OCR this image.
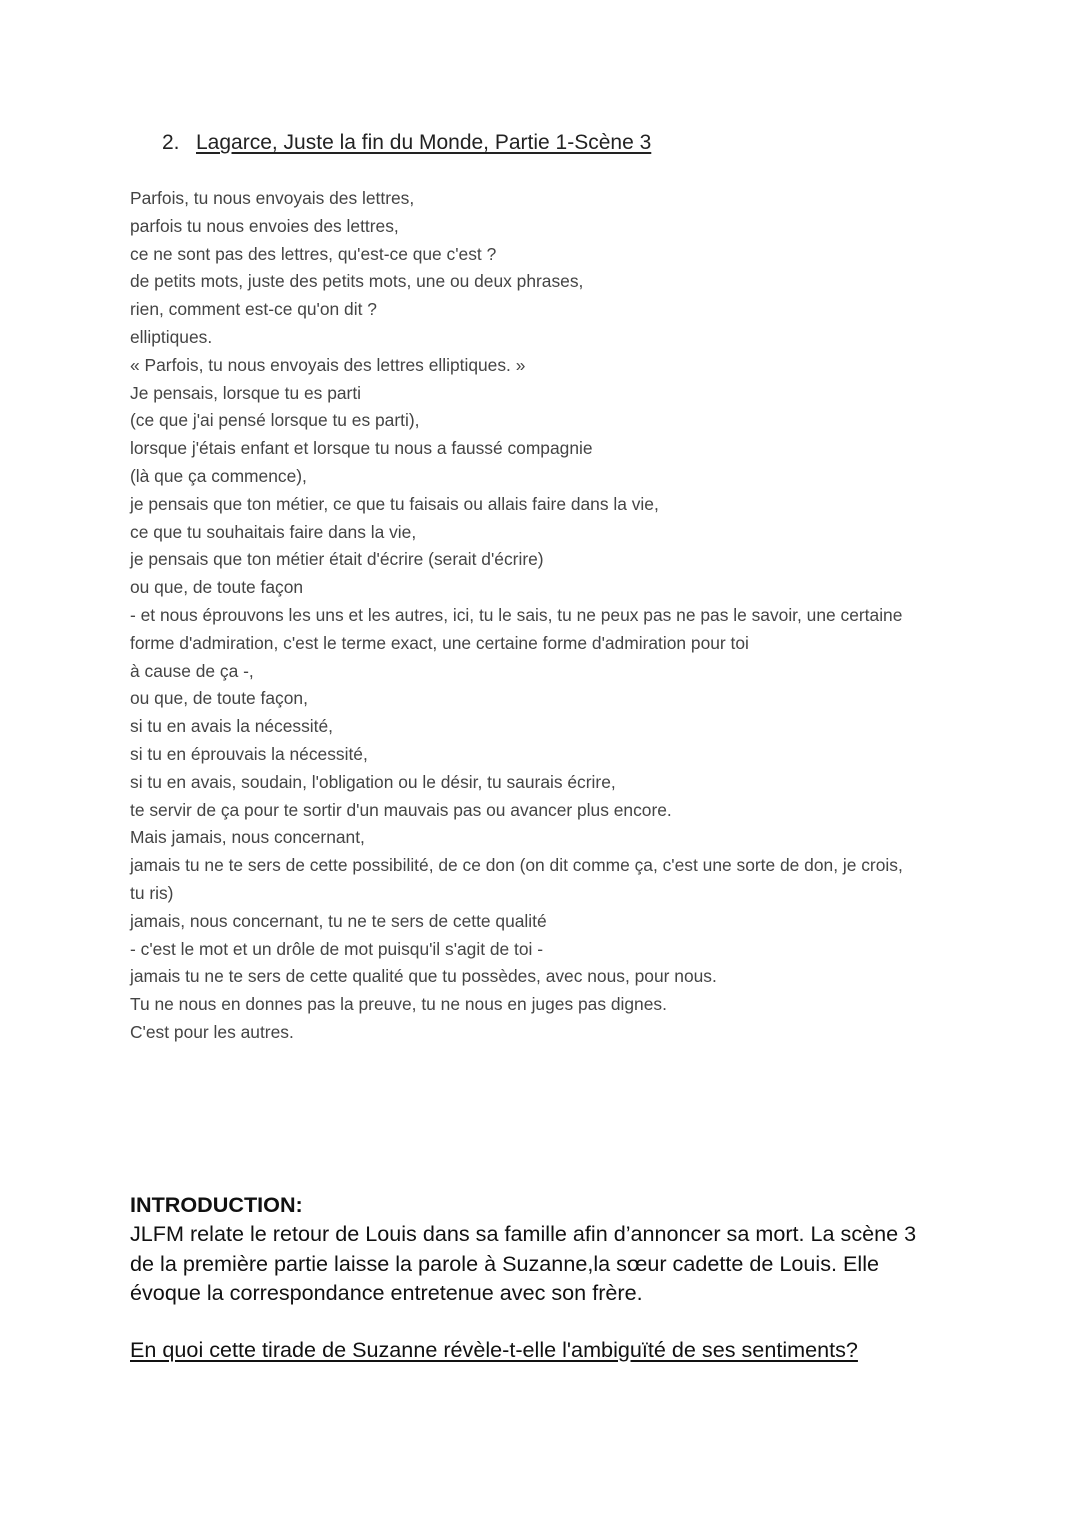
2. Lagarce, Juste la fin du Monde, Partie 1-Scène 3
Parfois, tu nous envoyais des lettres,
parfois tu nous envoies des lettres,
ce ne sont pas des lettres, qu'est-ce que c'est ?
de petits mots, juste des petits mots, une ou deux phrases,
rien, comment est-ce qu'on dit ?
elliptiques.
« Parfois, tu nous envoyais des lettres elliptiques. »
Je pensais, lorsque tu es parti
(ce que j'ai pensé lorsque tu es parti),
lorsque j'étais enfant et lorsque tu nous a faussé compagnie
(là que ça commence),
je pensais que ton métier, ce que tu faisais ou allais faire dans la vie,
ce que tu souhaitais faire dans la vie,
je pensais que ton métier était d'écrire (serait d'écrire)
ou que, de toute façon
- et nous éprouvons les uns et les autres, ici, tu le sais, tu ne peux pas ne pas le savoir, une certaine
forme d'admiration, c'est le terme exact, une certaine forme d'admiration pour toi
à cause de ça -,
ou que, de toute façon,
si tu en avais la nécessité,
si tu en éprouvais la nécessité,
si tu en avais, soudain, l'obligation ou le désir, tu saurais écrire,
te servir de ça pour te sortir d'un mauvais pas ou avancer plus encore.
Mais jamais, nous concernant,
jamais tu ne te sers de cette possibilité, de ce don (on dit comme ça, c'est une sorte de don, je crois,
tu ris)
jamais, nous concernant, tu ne te sers de cette qualité
- c'est le mot et un drôle de mot puisqu'il s'agit de toi -
jamais tu ne te sers de cette qualité que tu possèdes, avec nous, pour nous.
Tu ne nous en donnes pas la preuve, tu ne nous en juges pas dignes.
C'est pour les autres.
INTRODUCTION:
JLFM relate le retour de Louis dans sa famille afin d’annoncer sa mort. La scène 3
de la première partie laisse la parole à Suzanne,la sœur cadette de Louis. Elle
évoque la correspondance entretenue avec son frère.
En quoi cette tirade de Suzanne révèle-t-elle l'ambiguïté de ses sentiments?
